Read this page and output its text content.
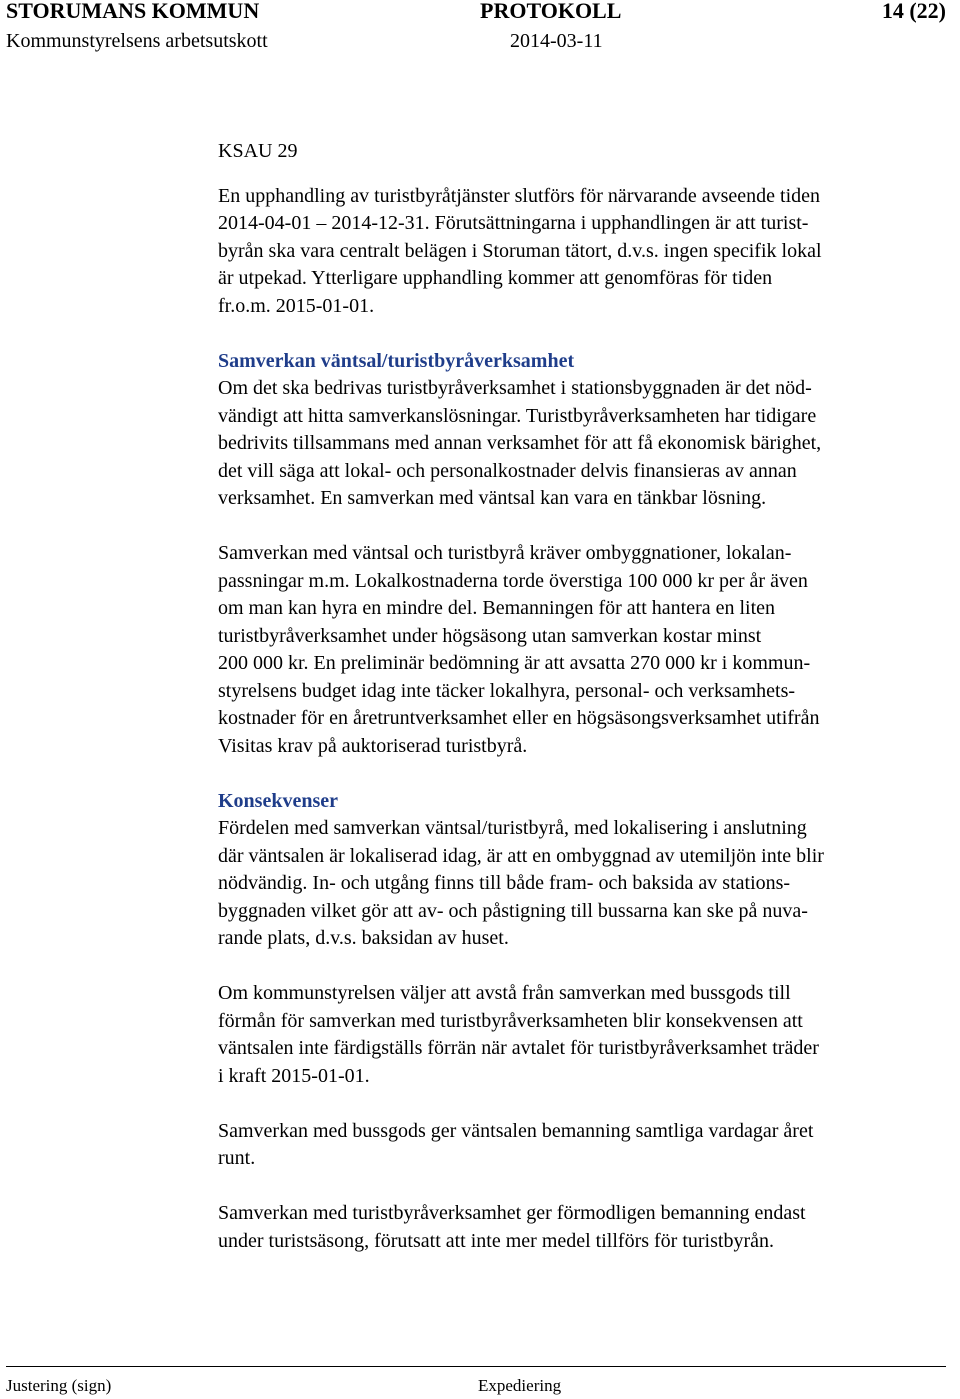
STORUMANS KOMMUN	PROTOKOLL	14 (22)
Kommunstyrelsens arbetsutskott	2014-03-11

KSAU 29

En upphandling av turistbyråtjänster slutförs för närvarande avseende tiden
2014-04-01 – 2014-12-31. Förutsättningarna i upphandlingen är att turist-
byrån ska vara centralt belägen i Storuman tätort, d.v.s. ingen specifik lokal
är utpekad. Ytterligare upphandling kommer att genomföras för tiden
fr.o.m. 2015-01-01.

Samverkan väntsal/turistbyråverksamhet
Om det ska bedrivas turistbyråverksamhet i stationsbyggnaden är det nöd-
vändigt att hitta samverkanslösningar. Turistbyråverksamheten har tidigare
bedrivits tillsammans med annan verksamhet för att få ekonomisk bärighet,
det vill säga att lokal- och personalkostnader delvis finansieras av annan
verksamhet. En samverkan med väntsal kan vara en tänkbar lösning.

Samverkan med väntsal och turistbyrå kräver ombyggnationer, lokalan-
passningar m.m. Lokalkostnaderna torde överstiga 100 000 kr per år även
om man kan hyra en mindre del. Bemanningen för att hantera en liten
turistbyråverksamhet under högsäsong utan samverkan kostar minst
200 000 kr. En preliminär bedömning är att avsatta 270 000 kr i kommun-
styrelsens budget idag inte täcker lokalhyra, personal- och verksamhets-
kostnader för en åretruntverksamhet eller en högsäsongsverksamhet utifrån
Visitas krav på auktoriserad turistbyrå.

Konsekvenser
Fördelen med samverkan väntsal/turistbyrå, med lokalisering i anslutning
där väntsalen är lokaliserad idag, är att en ombyggnad av utemiljön inte blir
nödvändig. In- och utgång finns till både fram- och baksida av stations-
byggnaden vilket gör att av- och påstigning till bussarna kan ske på nuva-
rande plats, d.v.s. baksidan av huset.

Om kommunstyrelsen väljer att avstå från samverkan med bussgods till
förmån för samverkan med turistbyråverksamheten blir konsekvensen att
väntsalen inte färdigställs förrän när avtalet för turistbyråverksamhet träder
i kraft 2015-01-01.

Samverkan med bussgods ger väntsalen bemanning samtliga vardagar året
runt.

Samverkan med turistbyråverksamhet ger förmodligen bemanning endast
under turistsäsong, förutsatt att inte mer medel tillförs för turistbyrån.

Justering (sign)	Expediering
